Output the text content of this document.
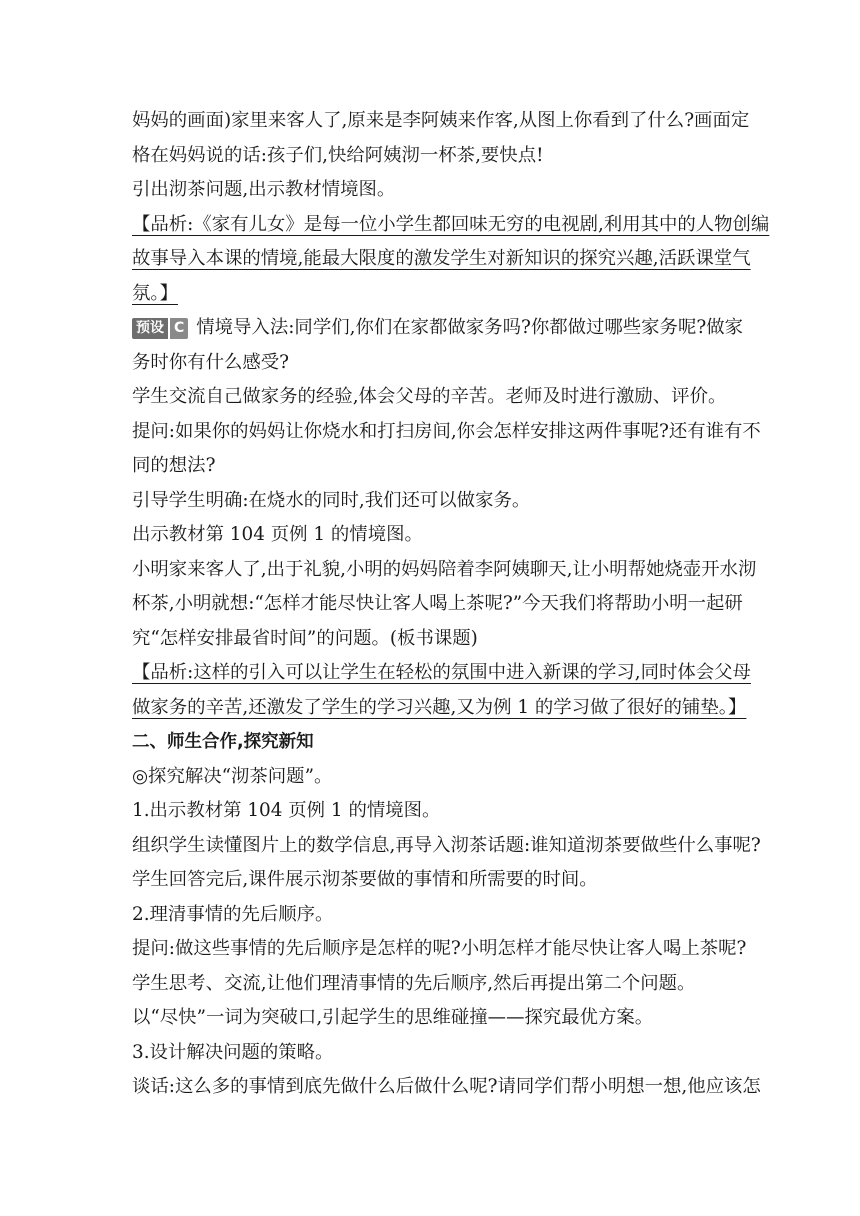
妈妈的画面)家里来客人了,原来是李阿姨来作客,从图上你看到了什么?画面定
格在妈妈说的话:孩子们,快给阿姨沏一杯茶,要快点!
引出沏茶问题,出示教材情境图。
【品析:《家有儿女》是每一位小学生都回味无穷的电视剧,利用其中的人物创编
故事导入本课的情境,能最大限度的激发学生对新知识的探究兴趣,活跃课堂气
氛。】
预设 C 情境导入法:同学们,你们在家都做家务吗?你都做过哪些家务呢?做家
务时你有什么感受?
学生交流自己做家务的经验,体会父母的辛苦。老师及时进行激励、评价。
提问:如果你的妈妈让你烧水和打扫房间,你会怎样安排这两件事呢?还有谁有不
同的想法?
引导学生明确:在烧水的同时,我们还可以做家务。
出示教材第 104 页例 1 的情境图。
小明家来客人了,出于礼貌,小明的妈妈陪着李阿姨聊天,让小明帮她烧壶开水沏
杯茶,小明就想:“怎样才能尽快让客人喝上茶呢?”今天我们将帮助小明一起研
究“怎样安排最省时间”的问题。(板书课题)
【品析:这样的引入可以让学生在轻松的氛围中进入新课的学习,同时体会父母
做家务的辛苦,还激发了学生的学习兴趣,又为例 1 的学习做了很好的铺垫。】
二、师生合作,探究新知
◎探究解决“沏茶问题”。
1.出示教材第 104 页例 1 的情境图。
组织学生读懂图片上的数学信息,再导入沏茶话题:谁知道沏茶要做些什么事呢?
学生回答完后,课件展示沏茶要做的事情和所需要的时间。
2.理清事情的先后顺序。
提问:做这些事情的先后顺序是怎样的呢?小明怎样才能尽快让客人喝上茶呢?
学生思考、交流,让他们理清事情的先后顺序,然后再提出第二个问题。
以“尽快”一词为突破口,引起学生的思维碰撞——探究最优方案。
3.设计解决问题的策略。
谈话:这么多的事情到底先做什么后做什么呢?请同学们帮小明想一想,他应该怎
